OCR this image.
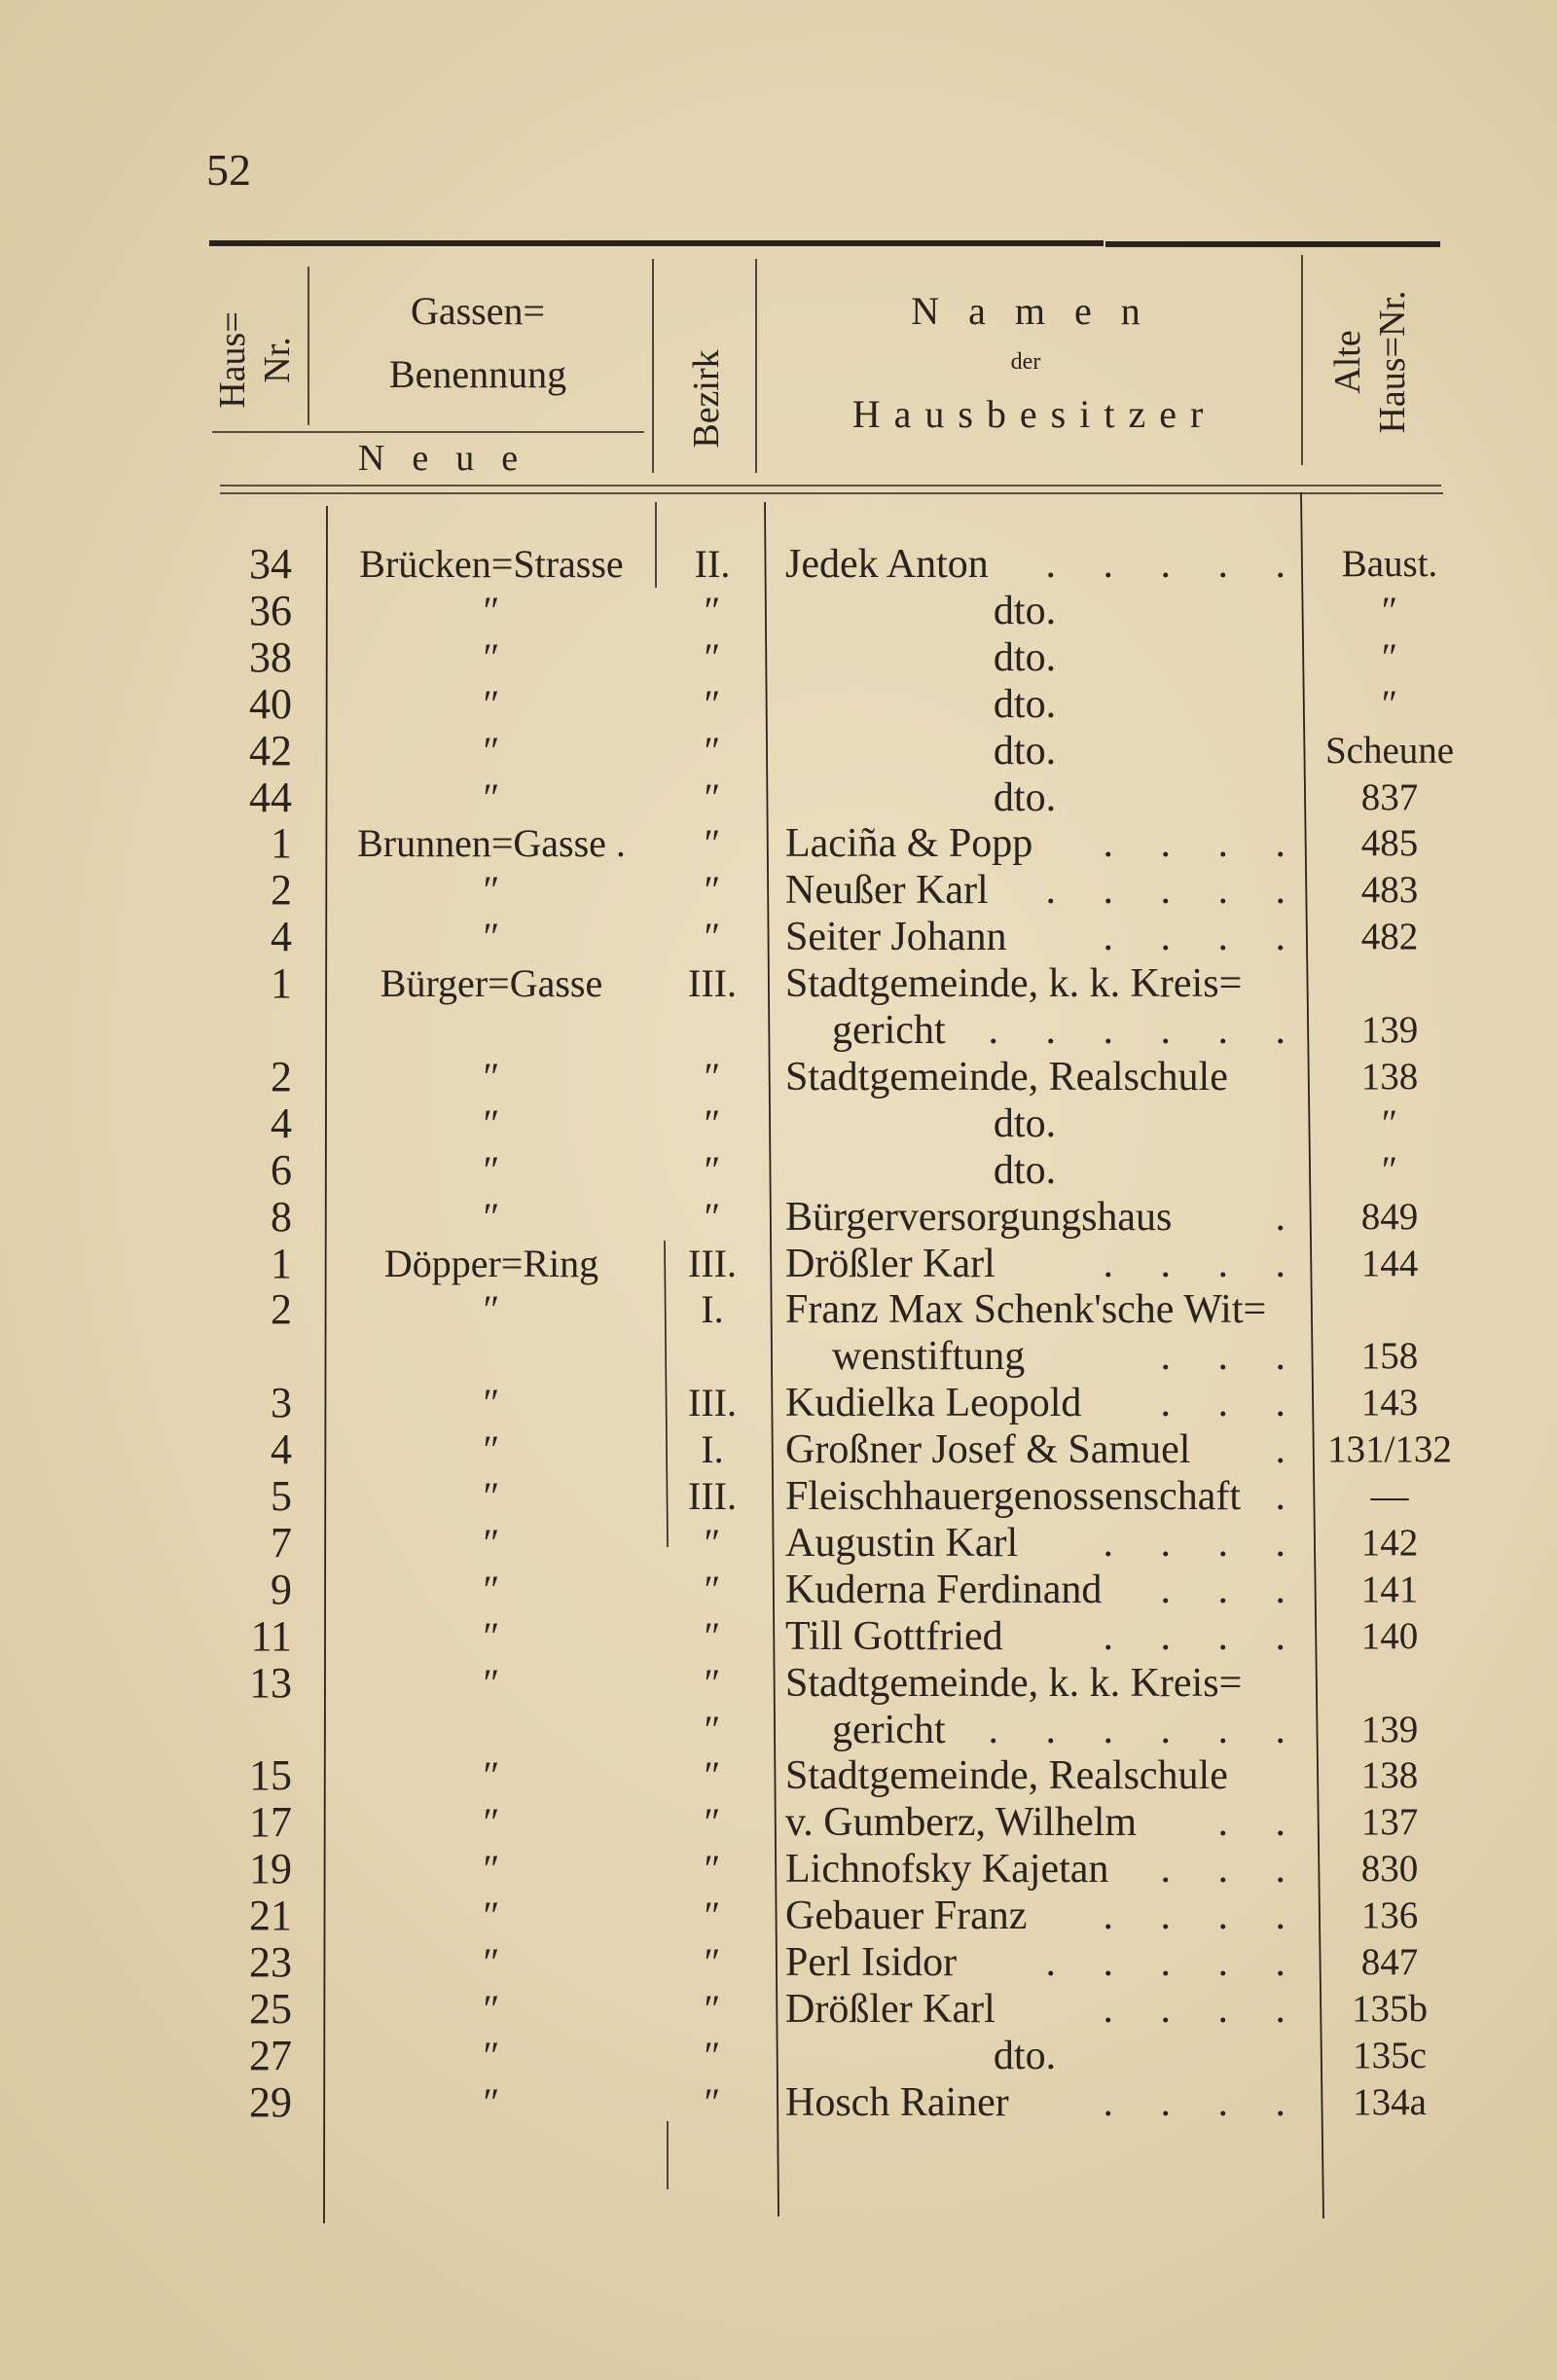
52
Haus= Nr.
Gassen=
Benennung
Neue
Bezirk
Namen
der
Hausbesitzer
Alte Haus=Nr.
34	Brücken=Strasse	II.	Jedek Anton . . . . .	Baust.
36	″	″	dto.	″
38	″	″	dto.	″
40	″	″	dto.	″
42	″	″	dto.	Scheune
44	″	″	dto.	837
1	Brunnen=Gasse .	″	Laciña & Popp . . . .	485
2	″	″	Neußer Karl . . . . .	483
4	″	″	Seiter Johann . . . .	482
1	Bürger=Gasse	III.	Stadtgemeinde, k. k. Kreis=
gericht . . . . . .	139
2	″	″	Stadtgemeinde, Realschule	138
4	″	″	dto.	″
6	″	″	dto.	″
8	″	″	Bürgerversorgungshaus	.	849
1	Döpper=Ring	III.	Drößler Karl	. . . .	144
2	″	I.	Franz Max Schenk'sche Wit=
wenstiftung	. . .	158
3	″	III.	Kudielka Leopold . . .	143
4	″	I.	Großner Josef & Samuel .	131/132
5	″	III.	Fleischhauergenossenschaft .	—
7	″	″	Augustin Karl . . . .	142
9	″	″	Kuderna Ferdinand . . .	141
11	″	″	Till Gottfried . . . .	140
13	″	″	Stadtgemeinde, k. k. Kreis=
″	gericht . . . . . .	139
15	″	″	Stadtgemeinde, Realschule	138
17	″	″	v. Gumberz, Wilhelm . .	137
19	″	″	Lichnofsky Kajetan . . .	830
21	″	″	Gebauer Franz . . . .	136
23	″	″	Perl Isidor . . . . .	847
25	″	″	Drößler Karl	. . . .	135b
27	″	″	dto.	135c
29	″	″	Hosch Rainer . . . .	134a
